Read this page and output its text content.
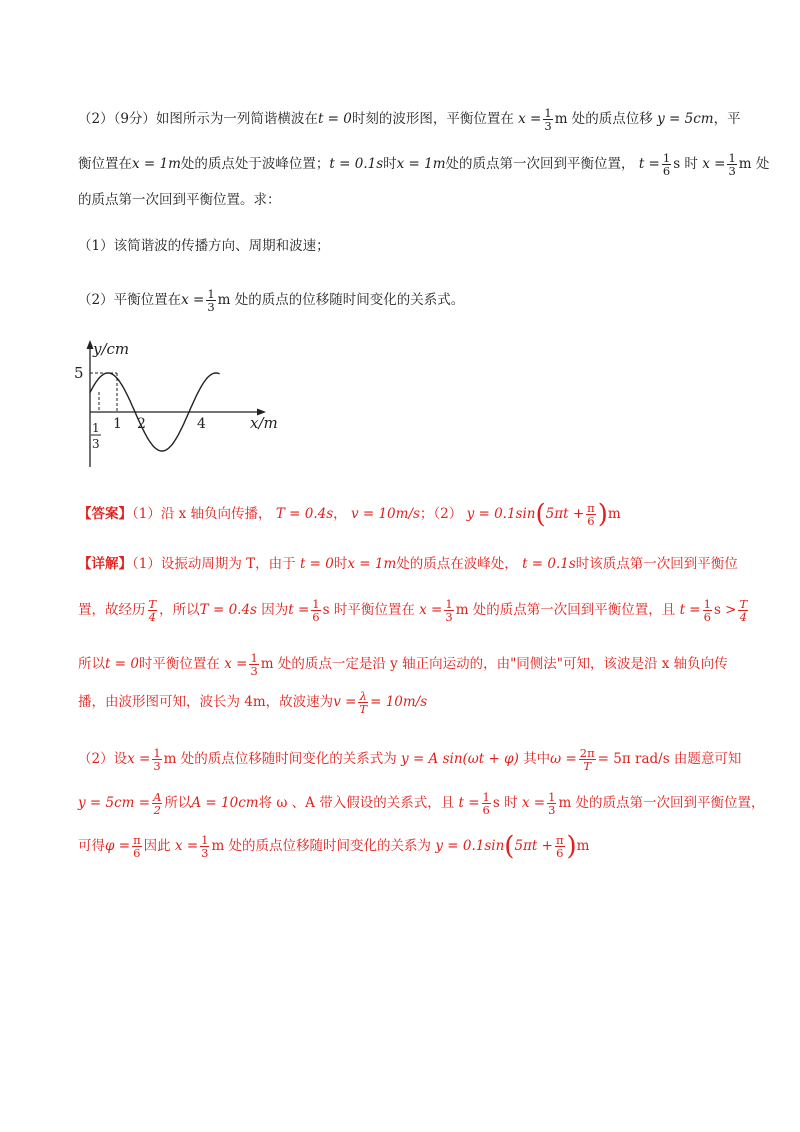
（2）（9分）如图所示为一列简谐横波在t = 0时刻的波形图，平衡位置在 $x = \frac{1}{3}$ m 处的质点位移 y = 5cm，平
衡位置在x = 1m处的质点处于波峰位置；t = 0.1s时x = 1m处的质点第一次回到平衡位置， $t = \frac{1}{6}$ s 时 $x = \frac{1}{3}$ m 处
的质点第一次回到平衡位置。求：
（1）该简谐波的传播方向、周期和波速；
（2）平衡位置在$x = \frac{1}{3}$ m 处的质点的位移随时间变化的关系式。
y/cm
5
1 2	4
1
3
x/m
【答案】（1）沿 x 轴负向传播， T = 0.4s， v = 10m/s；（2） $y = 0.1\sin(5\pi t + \frac{\pi}{6} )m$
【详解】（1）设振动周期为 T，由于 t = 0时x = 1m处的质点在波峰处， t = 0.1s时该质点第一次回到平衡位
置，故经历 $\frac{T}{4}$ ，所以T = 0.4s 因为$t = \frac{1}{6}$ s 时平衡位置在 $x = \frac{1}{3}$ m 处的质点第一次回到平衡位置，且 $t = \frac{1}{6}$ $s > \frac{T}{4}$
所以t = 0时平衡位置在 $x = \frac{1}{3}$ m 处的质点一定是沿 y 轴正向运动的，由"同侧法"可知，该波是沿 x 轴负向传
播，由波形图可知，波长为 4m，故波速为$v = \frac{\lambda}{T} = 10m/s$
（2）设$x = \frac{1}{3}$ m 处的质点位移随时间变化的关系式为 y = A sin(ωt + φ) 其中$\omega = \frac{2\pi}{T} = 5\pi$ rad/s 由题意可知
$y = 5cm = \frac{A}{2}$ 所以A = 10cm将 ω 、A 带入假设的关系式，且 $t = \frac{1}{6}$ s 时 $x = \frac{1}{3}$ m 处的质点第一次回到平衡位置，
可得$\varphi = \frac{\pi}{6}$ 因此 $x = \frac{1}{3}$ m 处的质点位移随时间变化的关系为 $y = 0.1\sin(5\pi t + \frac{\pi}{6} )m$
